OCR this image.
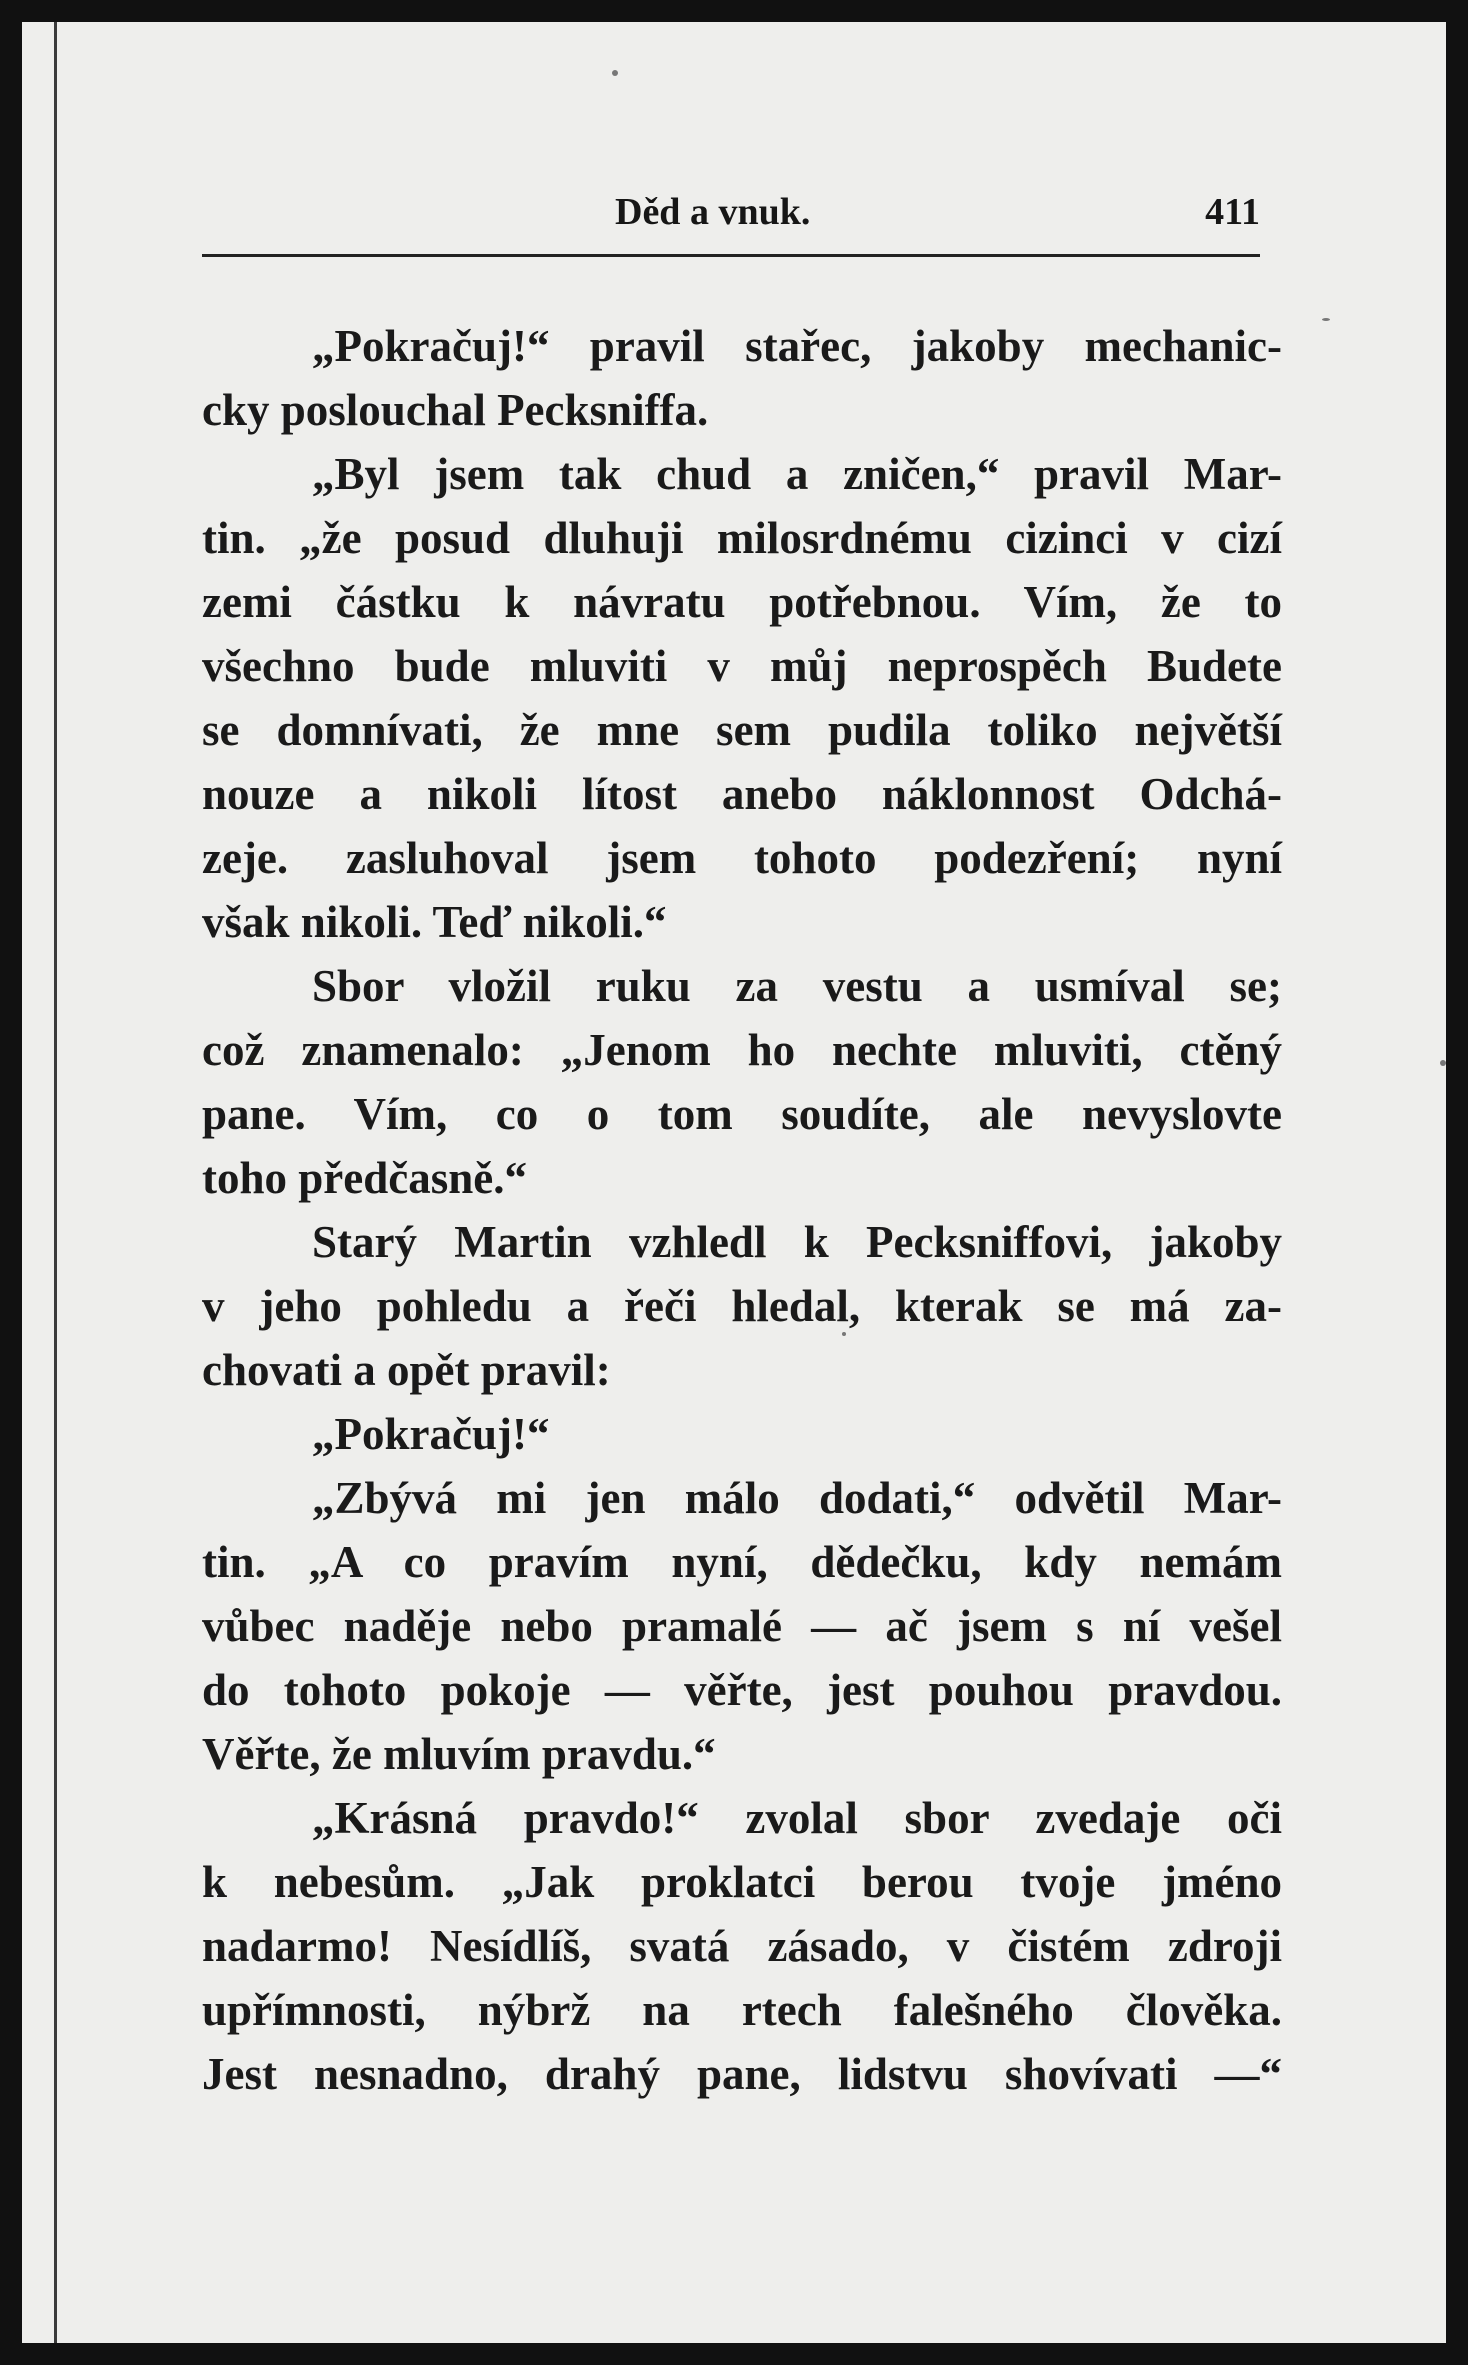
Děd a vnuk.	411
„Pokračuj!“ pravil stařec, jakoby mechanic-
cky poslouchal Pecksniffa.
„Byl jsem tak chud a zničen,“ pravil Mar-
tin. „že posud dluhuji milosrdnému cizinci v cizí
zemi částku k návratu potřebnou. Vím, že to
všechno bude mluviti v můj neprospěch Budete
se domnívati, že mne sem pudila toliko největší
nouze a nikoli lítost anebo náklonnost Odchá-
zeje. zasluhoval jsem tohoto podezření; nyní
však nikoli. Teď nikoli.“
Sbor vložil ruku za vestu a usmíval se;
což znamenalo: „Jenom ho nechte mluviti, ctěný
pane. Vím, co o tom soudíte, ale nevyslovte
toho předčasně.“
Starý Martin vzhledl k Pecksniffovi, jakoby
v jeho pohledu a řeči hledal, kterak se má za-
chovati a opět pravil:
„Pokračuj!“
„Zbývá mi jen málo dodati,“ odvětil Mar-
tin. „A co pravím nyní, dědečku, kdy nemám
vůbec naděje nebo pramalé — ač jsem s ní vešel
do tohoto pokoje — věřte, jest pouhou pravdou.
Věřte, že mluvím pravdu.“
„Krásná pravdo!“ zvolal sbor zvedaje oči
k nebesům. „Jak proklatci berou tvoje jméno
nadarmo! Nesídlíš, svatá zásado, v čistém zdroji
upřímnosti, nýbrž na rtech falešného člověka.
Jest nesnadno, drahý pane, lidstvu shovívati —“
